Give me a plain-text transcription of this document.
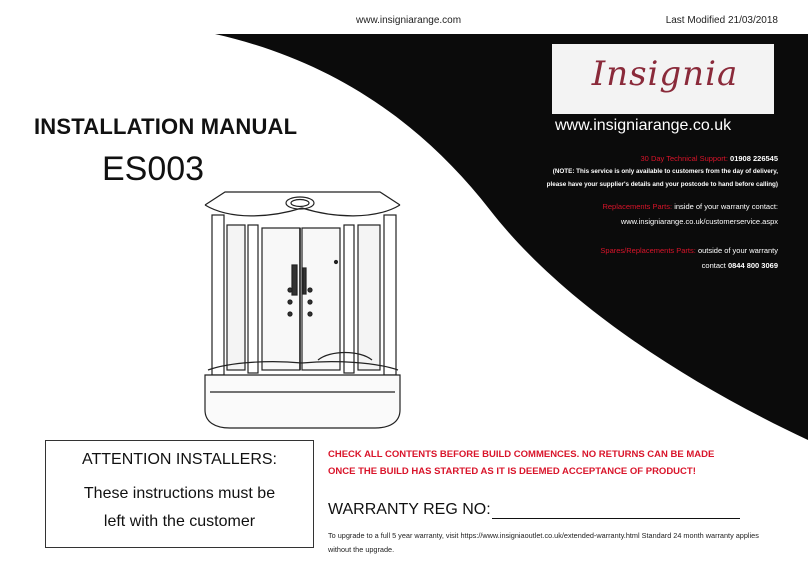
www.insigniarange.com	Last Modified 21/03/2018
INSTALLATION MANUAL
ES003
Insignia
www.insigniarange.co.uk
30 Day Technical Support: 01908 226545
(NOTE: This service is only available to customers from the day of delivery,
please have your supplier's details and your postcode to hand before calling)
Replacements Parts: inside of your warranty contact:
www.insigniarange.co.uk/customerservice.aspx
Spares/Replacements Parts: outside of your warranty
contact 0844 800 3069
ATTENTION INSTALLERS:
These instructions must be
left with the customer
CHECK ALL CONTENTS BEFORE BUILD COMMENCES. NO RETURNS CAN BE MADE
ONCE THE BUILD HAS STARTED AS IT IS DEEMED ACCEPTANCE OF PRODUCT!
WARRANTY REG NO:
To upgrade to a full 5 year warranty, visit https://www.insigniaoutlet.co.uk/extended-warranty.html Standard 24 month warranty applies without the upgrade.
